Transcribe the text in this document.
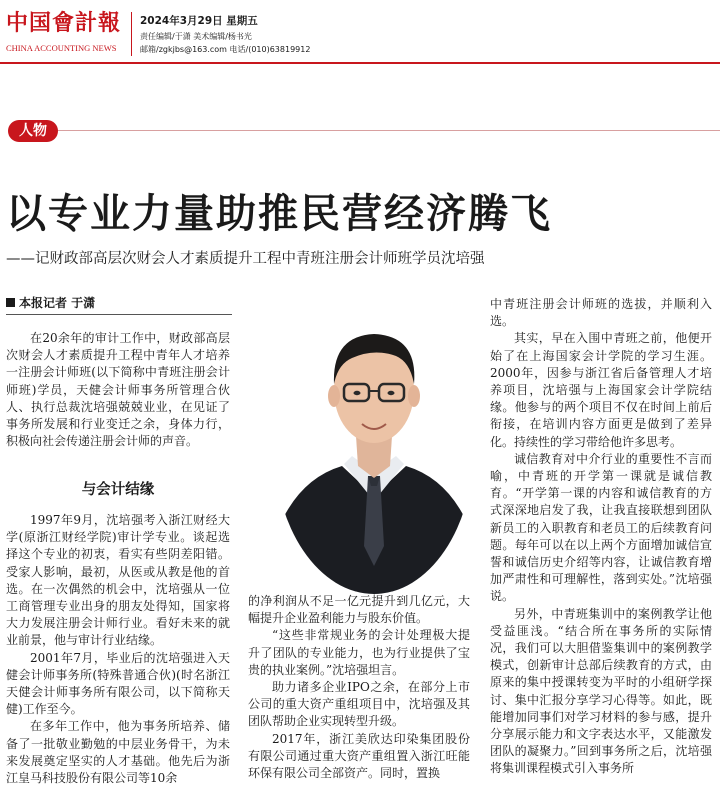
中国會計報
CHINA ACCOUNTING NEWS
2024年3月29日 星期五
责任编辑/于潇 美术编辑/杨书光
邮箱/zgkjbs@163.com 电话/(010)63819912
人物
以专业力量助推民营经济腾飞
——记财政部高层次财会人才素质提升工程中青班注册会计师班学员沈培强
本报记者 于潇

在20余年的审计工作中，财政部高层次财会人才素质提升工程中青年人才培养一注册会计师班(以下简称中青班注册会计师班)学员，天健会计师事务所管理合伙人、执行总裁沈培强兢兢业业，在见证了事务所发展和行业变迁之余，身体力行，积极向社会传递注册会计师的声音。

与会计结缘

1997年9月，沈培强考入浙江财经大学(原浙江财经学院)审计学专业。谈起选择这个专业的初衷，看实有些阴差阳错。受家人影响，最初，从医或从教是他的首选。在一次偶然的机会中，沈培强从一位工商管理专业出身的朋友处得知，国家将大力发展注册会计师行业。看好未来的就业前景，他与审计行业结缘。

2001年7月，毕业后的沈培强进入天健会计师事务所(特殊普通合伙)(时名浙江天健会计师事务所有限公司，以下简称天健)工作至今。

在多年工作中，他为事务所培养、储备了一批敬业勤勉的中层业务骨干，为未来发展奠定坚实的人才基础。他先后为浙江皇马科技股份有限公司等10余

的净利润从不足一亿元提升到几亿元，大幅提升企业盈利能力与股东价值。

“这些非常规业务的会计处理极大提升了团队的专业能力，也为行业提供了宝贵的执业案例。”沈培强坦言。

助力诸多企业IPO之余，在部分上市公司的重大资产重组项目中，沈培强及其团队帮助企业实现转型升级。

2017年，浙江美欣达印染集团股份有限公司通过重大资产重组置入浙江旺能环保有限公司全部资产。同时，置换

中青班注册会计师班的选拔，并顺利入选。

其实，早在入围中青班之前，他便开始了在上海国家会计学院的学习生涯。2000年，因参与浙江省后备管理人才培养项目，沈培强与上海国家会计学院结缘。他参与的两个项目不仅在时间上前后衔接，在培训内容方面更是做到了差异化。持续性的学习带给他许多思考。

诚信教育对中介行业的重要性不言而喻，中青班的开学第一课就是诚信教育。“开学第一课的内容和诚信教育的方式深深地启发了我，让我直接联想到团队新员工的入职教育和老员工的后续教育问题。每年可以在以上两个方面增加诚信宣誓和诚信历史介绍等内容，让诚信教育增加严肃性和可理解性，落到实处。”沈培强说。

另外，中青班集训中的案例教学让他受益匪浅。“结合所在事务所的实际情况，我们可以大胆借鉴集训中的案例教学模式，创新审计总部后续教育的方式，由原来的集中授课转变为平时的小组研学探讨、集中汇报分享学习心得等。如此，既能增加同事们对学习材料的参与感，提升分享展示能力和文字表达水平，又能激发团队的凝聚力。”回到事务所之后，沈培强将集训课程模式引入事务所
